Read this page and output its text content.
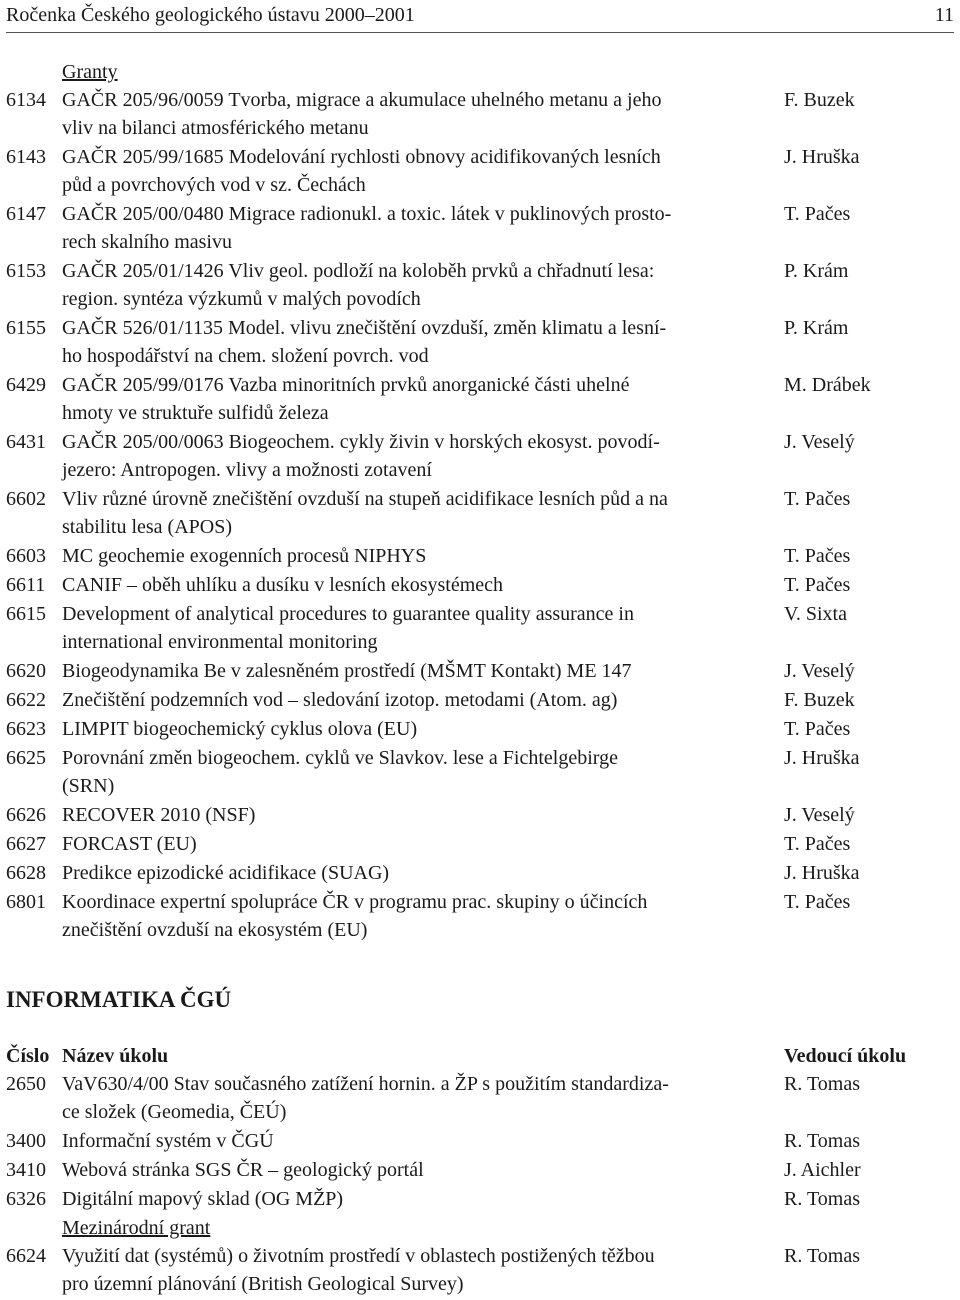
Ročenka Českého geologického ústavu 2000–2001	11
Granty
6134 GAČR 205/96/0059 Tvorba, migrace a akumulace uhelného metanu a jeho	F. Buzek
vliv na bilanci atmosférického metanu
6143 GAČR 205/99/1685 Modelování rychlosti obnovy acidifikovaných lesních	J. Hruška
půd a povrchových vod v sz. Čechách
6147 GAČR 205/00/0480 Migrace radionukl. a toxic. látek v puklinových prosto-	T. Pačes
rech skalního masivu
6153 GAČR 205/01/1426 Vliv geol. podloží na koloběh prvků a chřadnutí lesa:	P. Krám
region. syntéza výzkumů v malých povodích
6155 GAČR 526/01/1135 Model. vlivu znečištění ovzduší, změn klimatu a lesní-	P. Krám
ho hospodářství na chem. složení povrch. vod
6429 GAČR 205/99/0176 Vazba minoritních prvků anorganické části uhelné	M. Drábek
hmoty ve struktuře sulfidů železa
6431 GAČR 205/00/0063 Biogeochem. cykly živin v horských ekosyst. povodí-	J. Veselý
jezero: Antropogen. vlivy a možnosti zotavení
6602 Vliv různé úrovně znečištění ovzduší na stupeň acidifikace lesních půd a na	T. Pačes
stabilitu lesa (APOS)
6603 MC geochemie exogenních procesů NIPHYS	T. Pačes
6611 CANIF – oběh uhlíku a dusíku v lesních ekosystémech	T. Pačes
6615 Development of analytical procedures to guarantee quality assurance in	V. Sixta
international environmental monitoring
6620 Biogeodynamika Be v zalesněném prostředí (MŠMT Kontakt) ME 147	J. Veselý
6622 Znečištění podzemních vod – sledování izotop. metodami (Atom. ag)	F. Buzek
6623 LIMPIT biogeochemický cyklus olova (EU)	T. Pačes
6625 Porovnání změn biogeochem. cyklů ve Slavkov. lese a Fichtelgebirge	J. Hruška
(SRN)
6626 RECOVER 2010 (NSF)	J. Veselý
6627 FORCAST (EU)	T. Pačes
6628 Predikce epizodické acidifikace (SUAG)	J. Hruška
6801 Koordinace expertní spolupráce ČR v programu prac. skupiny o účincích	T. Pačes
znečištění ovzduší na ekosystém (EU)
INFORMATIKA ČGÚ
Číslo Název úkolu	Vedoucí úkolu
2650 VaV630/4/00 Stav současného zatížení hornin. a ŽP s použitím standardiza-	R. Tomas
ce složek (Geomedia, ČEÚ)
3400 Informační systém v ČGÚ	R. Tomas
3410 Webová stránka SGS ČR – geologický portál	J. Aichler
6326 Digitální mapový sklad (OG MŽP)	R. Tomas
Mezinárodní grant
6624 Využití dat (systémů) o životním prostředí v oblastech postižených těžbou	R. Tomas
pro územní plánování (British Geological Survey)
